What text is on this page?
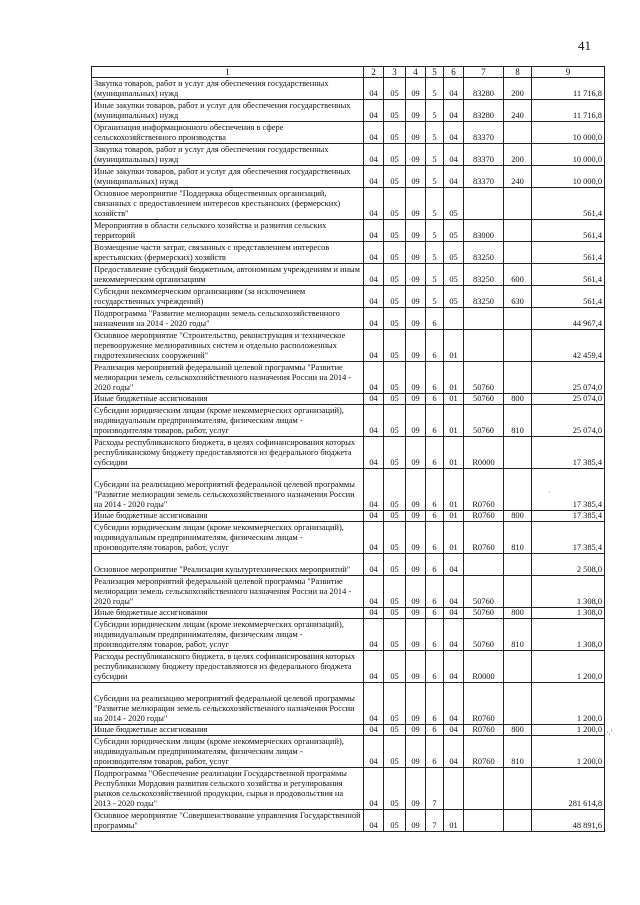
41
1	2	3	4	5	6	7	8	9
Закупка товаров, работ и услуг для обеспечения государственных (муниципальных) нужд	04	05	09	5	04	83280	200	11 716,8
Иные закупки товаров, работ и услуг для обеспечения государственных (муниципальных) нужд	04	05	09	5	04	83280	240	11 716,8
Организация информационного обеспечения в сфере сельскохозяйственного производства	04	05	09	5	04	83370		10 000,0
Закупка товаров, работ и услуг для обеспечения государственных (муниципальных) нужд	04	05	09	5	04	83370	200	10 000,0
Иные закупки товаров, работ и услуг для обеспечения государственных (муниципальных) нужд	04	05	09	5	04	83370	240	10 000,0
Основное мероприятие "Поддержка общественных организаций, связанных с предоставлением интересов крестьянских (фермерских) хозяйств"	04	05	09	5	05			561,4
Мероприятия в области сельского хозяйства и развития сельских территорий	04	05	09	5	05	83000		561,4
Возмещение части затрат, связанных с представлением интересов крестьянских (фермерских) хозяйств	04	05	09	5	05	83250		561,4
Предоставление субсидий бюджетным, автономным учреждениям и иным некоммерческим организациям	04	05	09	5	05	83250	600	561,4
Субсидии некоммерческим организациям (за исключением государственных учреждений)	04	05	09	5	05	83250	630	561,4
Подпрограмма "Развитие мелиорации земель сельскохозяйственного назначения на 2014 - 2020 годы"	04	05	09	6				44 967,4
Основное мероприятие "Строительство, реконструкция и техническое перевооружение мелиоративных систем и отдельно расположенных гидротехнических сооружений"	04	05	09	6	01			42 459,4
Реализация мероприятий федеральной целевой программы "Развитие мелиорации земель сельскохозяйственного назначения России на 2014 - 2020 годы"	04	05	09	6	01	50760		25 074,0
Иные бюджетные ассигнования	04	05	09	6	01	50760	800	25 074,0
Субсидии юридическим лицам (кроме некоммерческих организаций), индивидуальным предпринимателям, физическим лицам - производителям товаров, работ, услуг	04	05	09	6	01	50760	810	25 074,0
Расходы республиканского бюджета, в целях софинансирования которых республиканскому бюджету предоставляются из федерального бюджета субсидии	04	05	09	6	01	R0000		17 385,4
Субсидии на реализацию мероприятий федеральной целевой программы "Развитие мелиорации земель сельскохозяйственного назначения России на 2014 - 2020 годы"	04	05	09	6	01	R0760		17 385,4
Иные бюджетные ассигнования	04	05	09	6	01	R0760	800	17 385,4
Субсидии юридическим лицам (кроме некоммерческих организаций), индивидуальным предпринимателям, физическим лицам - производителям товаров, работ, услуг	04	05	09	6	01	R0760	810	17 385,4
Основное мероприятие "Реализация культуртехнических мероприятий"	04	05	09	6	04			2 508,0
Реализация мероприятий федеральной целевой программы "Развитие мелиорации земель сельскохозяйственного назначения России на 2014 - 2020 годы"	04	05	09	6	04	50760		1 308,0
Иные бюджетные ассигнования	04	05	09	6	04	50760	800	1 308,0
Субсидии юридическим лицам (кроме некоммерческих организаций), индивидуальным предпринимателям, физическим лицам - производителям товаров, работ, услуг	04	05	09	6	04	50760	810	1 308,0
Расходы республиканского бюджета, в целях софинансирования которых республиканскому бюджету предоставляются из федерального бюджета субсидии	04	05	09	6	04	R0000		1 200,0
Субсидии на реализацию мероприятий федеральной целевой программы "Развитие мелиорации земель сельскохозяйственного назначения России на 2014 - 2020 годы"	04	05	09	6	04	R0760		1 200,0
Иные бюджетные ассигнования	04	05	09	6	04	R0760	800	1 200,0
Субсидии юридическим лицам (кроме некоммерческих организаций), индивидуальным предпринимателям, физическим лицам - производителям товаров, работ, услуг	04	05	09	6	04	R0760	810	1 200,0
Подпрограмма "Обеспечение реализации Государственной программы Республики Мордовия развития сельского хозяйства и регулирования рынков сельскохозяйственной продукции, сырья и продовольствия на 2013 - 2020 годы"	04	05	09	7				281 614,8
Основное мероприятие "Совершенствование управления Государственной программы"	04	05	09	7	01			48 891,6
·.'
·
